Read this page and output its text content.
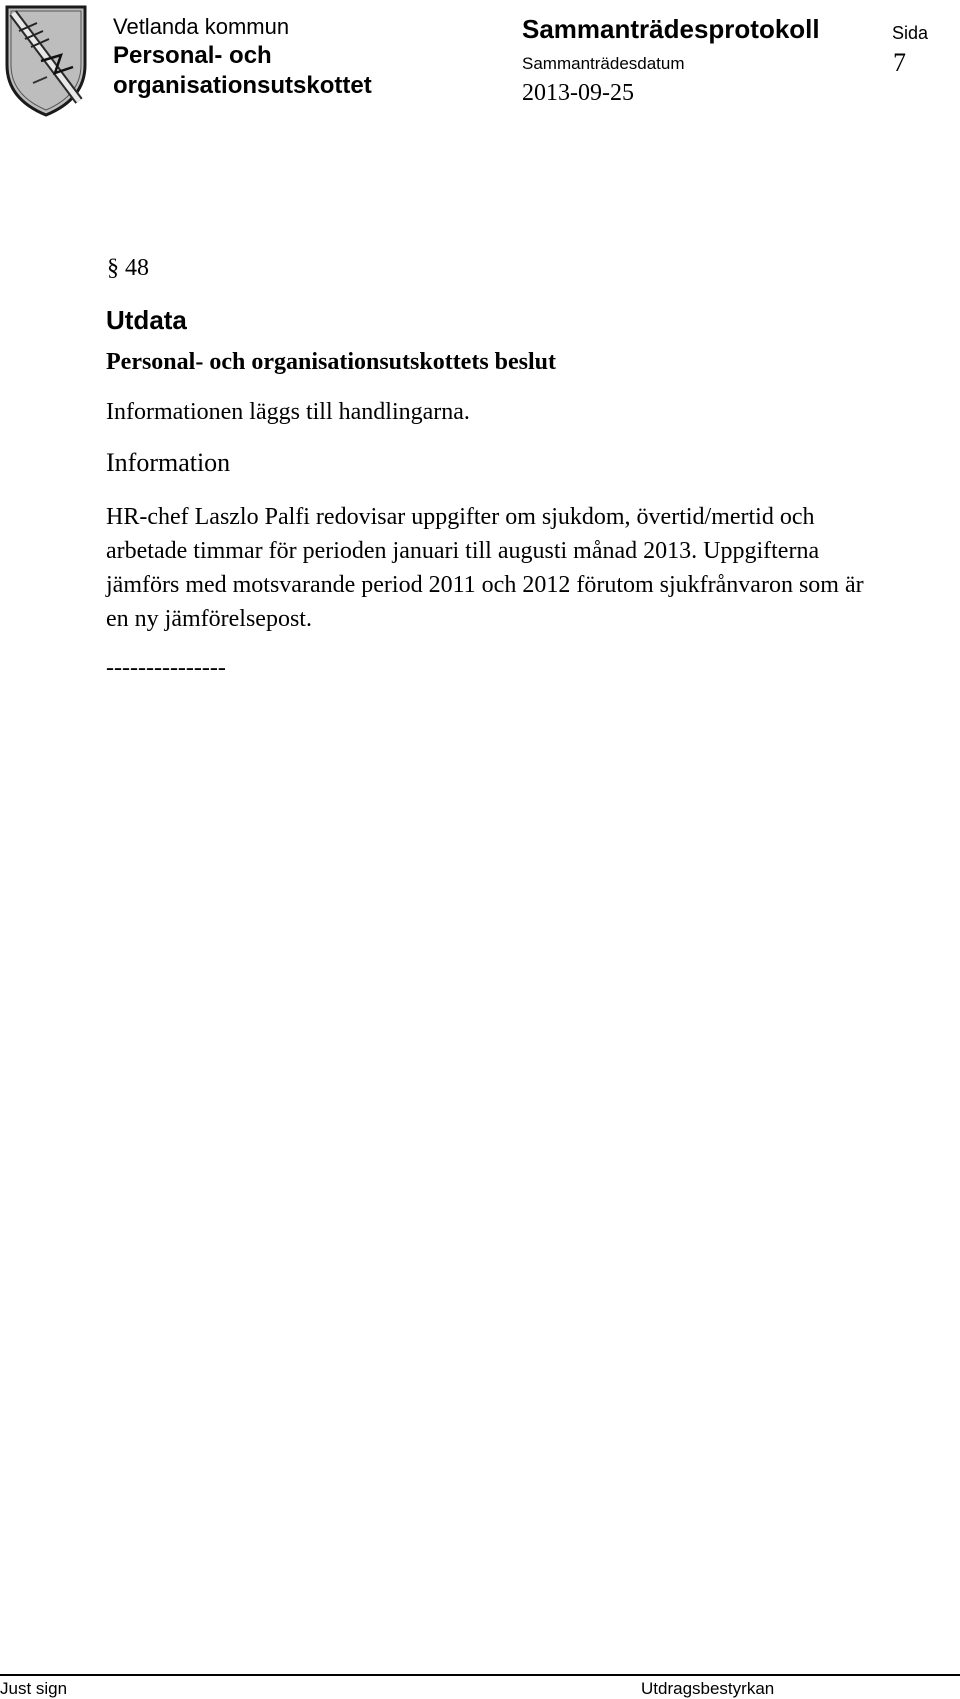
Vetlanda kommun
Personal- och
organisationsutskottet
Sammanträdesprotokoll
Sammanträdesdatum
2013-09-25
Sida
7
§ 48
Utdata
Personal- och organisationsutskottets beslut
Informationen läggs till handlingarna.
Information
HR-chef Laszlo Palfi redovisar uppgifter om sjukdom, övertid/mertid och
arbetade timmar för perioden januari till augusti månad 2013. Uppgifterna
jämförs med motsvarande period 2011 och 2012 förutom sjukfrånvaron som är
en ny jämförelsepost.
---------------
Just sign	Utdragsbestyrkan
